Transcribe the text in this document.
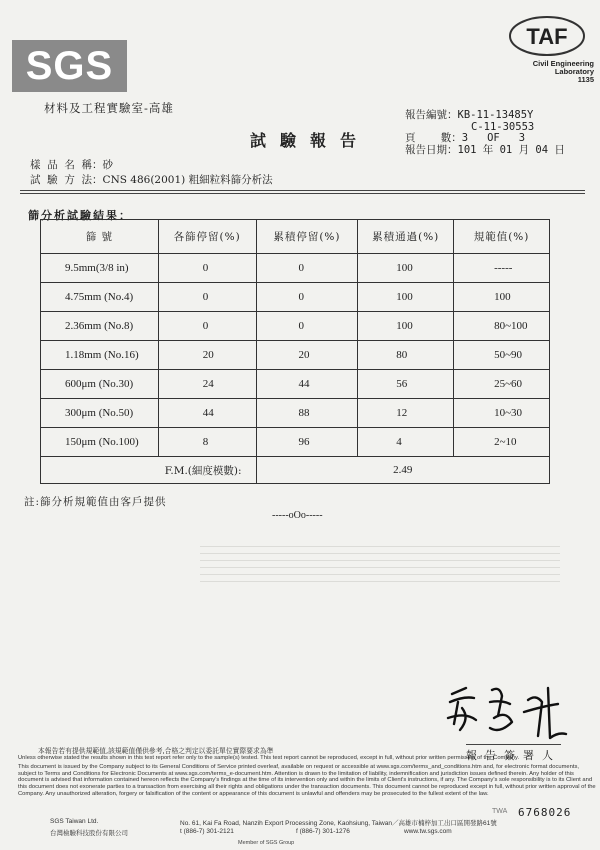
SGS
材料及工程實驗室-高雄
TAF
Civil Engineering
Laboratory
1135
試驗報告
報告編號：KB-11-13485Y
C-11-30553
頁    數：3   OF   3
報告日期：101 年 01 月 04 日
樣  品  名  稱：砂
試  驗  方  法：CNS 486(2001) 粗細粒料篩分析法
篩分析試驗結果：
篩 號	各篩停留(%)	累積停留(%)	累積通過(%)	規範值(%)
9.5mm(3/8 in)	0	0	100	-----
4.75mm (No.4)	0	0	100	100
2.36mm (No.8)	0	0	100	80~100
1.18mm (No.16)	20	20	80	50~90
600μm (No.30)	24	44	56	25~60
300μm (No.50)	44	88	12	10~30
150μm (No.100)	8	96	4	2~10
F.M.(細度模數):		2.49		
註:篩分析規範值由客戶提供
-----oOo-----
報告簽署人
本報告若有提供規範值,該規範值僅供參考,合格之判定以委託單位實際要求為準
Unless otherwise stated the results shown in this test report refer only to the sample(s) tested. This test report cannot be reproduced, except in full, without prior written permission of the Company.
This document is issued by the Company subject to its General Conditions of Service printed overleaf, available on request or accessible at www.sgs.com/terms_and_conditions.htm and, for electronic format documents, subject to Terms and Conditions for Electronic Documents at www.sgs.com/terms_e-document.htm. Attention is drawn to the limitation of liability, indemnification and jurisdiction issues defined therein. Any holder of this document is advised that information contained hereon reflects the Company's findings at the time of its intervention only and within the limits of Client's instructions, if any. The Company's sole responsibility is to its Client and this document does not exonerate parties to a transaction from exercising all their rights and obligations under the transaction documents. This document cannot be reproduced except in full, without prior written approval of the Company. Any unauthorized alteration, forgery or falsification of the content or appearance of this document is unlawful and offenders may be prosecuted to the fullest extent of the law.
TWA 6768026
SGS Taiwan Ltd.
台灣檢驗科技股份有限公司
No. 61, Kai Fa Road, Nanzih Export Processing Zone, Kaohsiung, Taiwan／高雄市楠梓加工出口區開發路61號
t (886-7) 301-2121	f (886-7) 301-1276	www.tw.sgs.com
Member of SGS Group
